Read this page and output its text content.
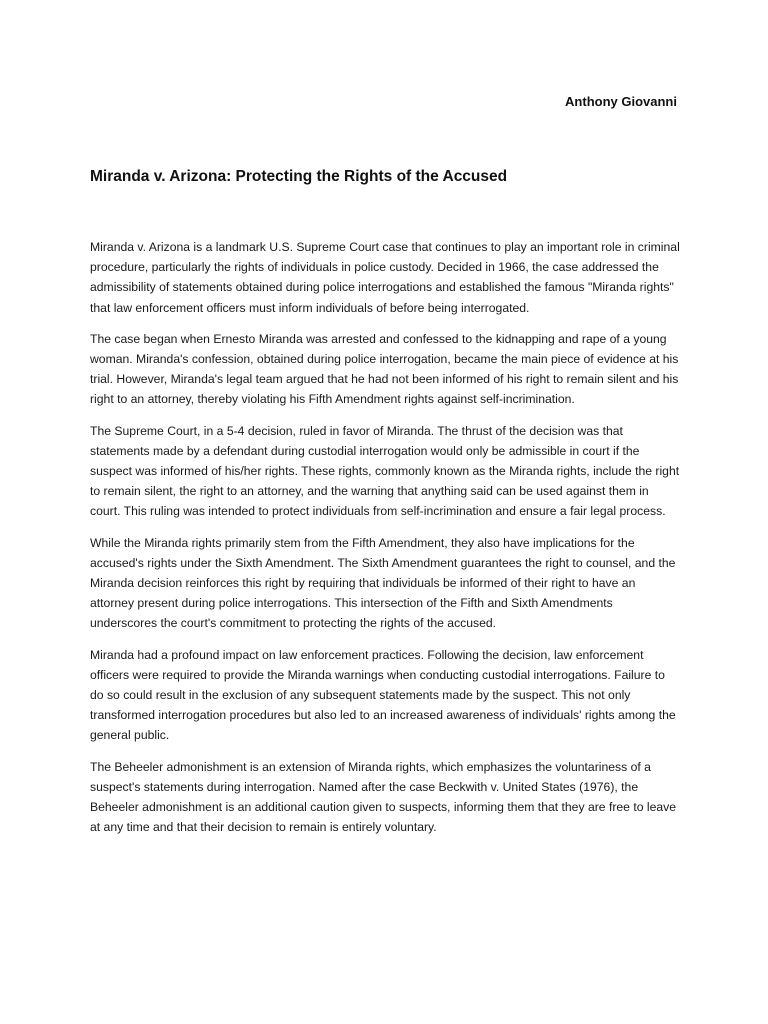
Anthony Giovanni
Miranda v. Arizona: Protecting the Rights of the Accused

Miranda v. Arizona is a landmark U.S. Supreme Court case that continues to play an important role in criminal procedure, particularly the rights of individuals in police custody. Decided in 1966, the case addressed the admissibility of statements obtained during police interrogations and established the famous "Miranda rights" that law enforcement officers must inform individuals of before being interrogated.

The case began when Ernesto Miranda was arrested and confessed to the kidnapping and rape of a young woman. Miranda's confession, obtained during police interrogation, became the main piece of evidence at his trial. However, Miranda's legal team argued that he had not been informed of his right to remain silent and his right to an attorney, thereby violating his Fifth Amendment rights against self-incrimination.

The Supreme Court, in a 5-4 decision, ruled in favor of Miranda. The thrust of the decision was that statements made by a defendant during custodial interrogation would only be admissible in court if the suspect was informed of his/her rights. These rights, commonly known as the Miranda rights, include the right to remain silent, the right to an attorney, and the warning that anything said can be used against them in court. This ruling was intended to protect individuals from self-incrimination and ensure a fair legal process.

While the Miranda rights primarily stem from the Fifth Amendment, they also have implications for the accused's rights under the Sixth Amendment. The Sixth Amendment guarantees the right to counsel, and the Miranda decision reinforces this right by requiring that individuals be informed of their right to have an attorney present during police interrogations. This intersection of the Fifth and Sixth Amendments underscores the court's commitment to protecting the rights of the accused.

Miranda had a profound impact on law enforcement practices. Following the decision, law enforcement officers were required to provide the Miranda warnings when conducting custodial interrogations. Failure to do so could result in the exclusion of any subsequent statements made by the suspect. This not only transformed interrogation procedures but also led to an increased awareness of individuals' rights among the general public.

The Beheeler admonishment is an extension of Miranda rights, which emphasizes the voluntariness of a suspect's statements during interrogation. Named after the case Beckwith v. United States (1976), the Beheeler admonishment is an additional caution given to suspects, informing them that they are free to leave at any time and that their decision to remain is entirely voluntary.
